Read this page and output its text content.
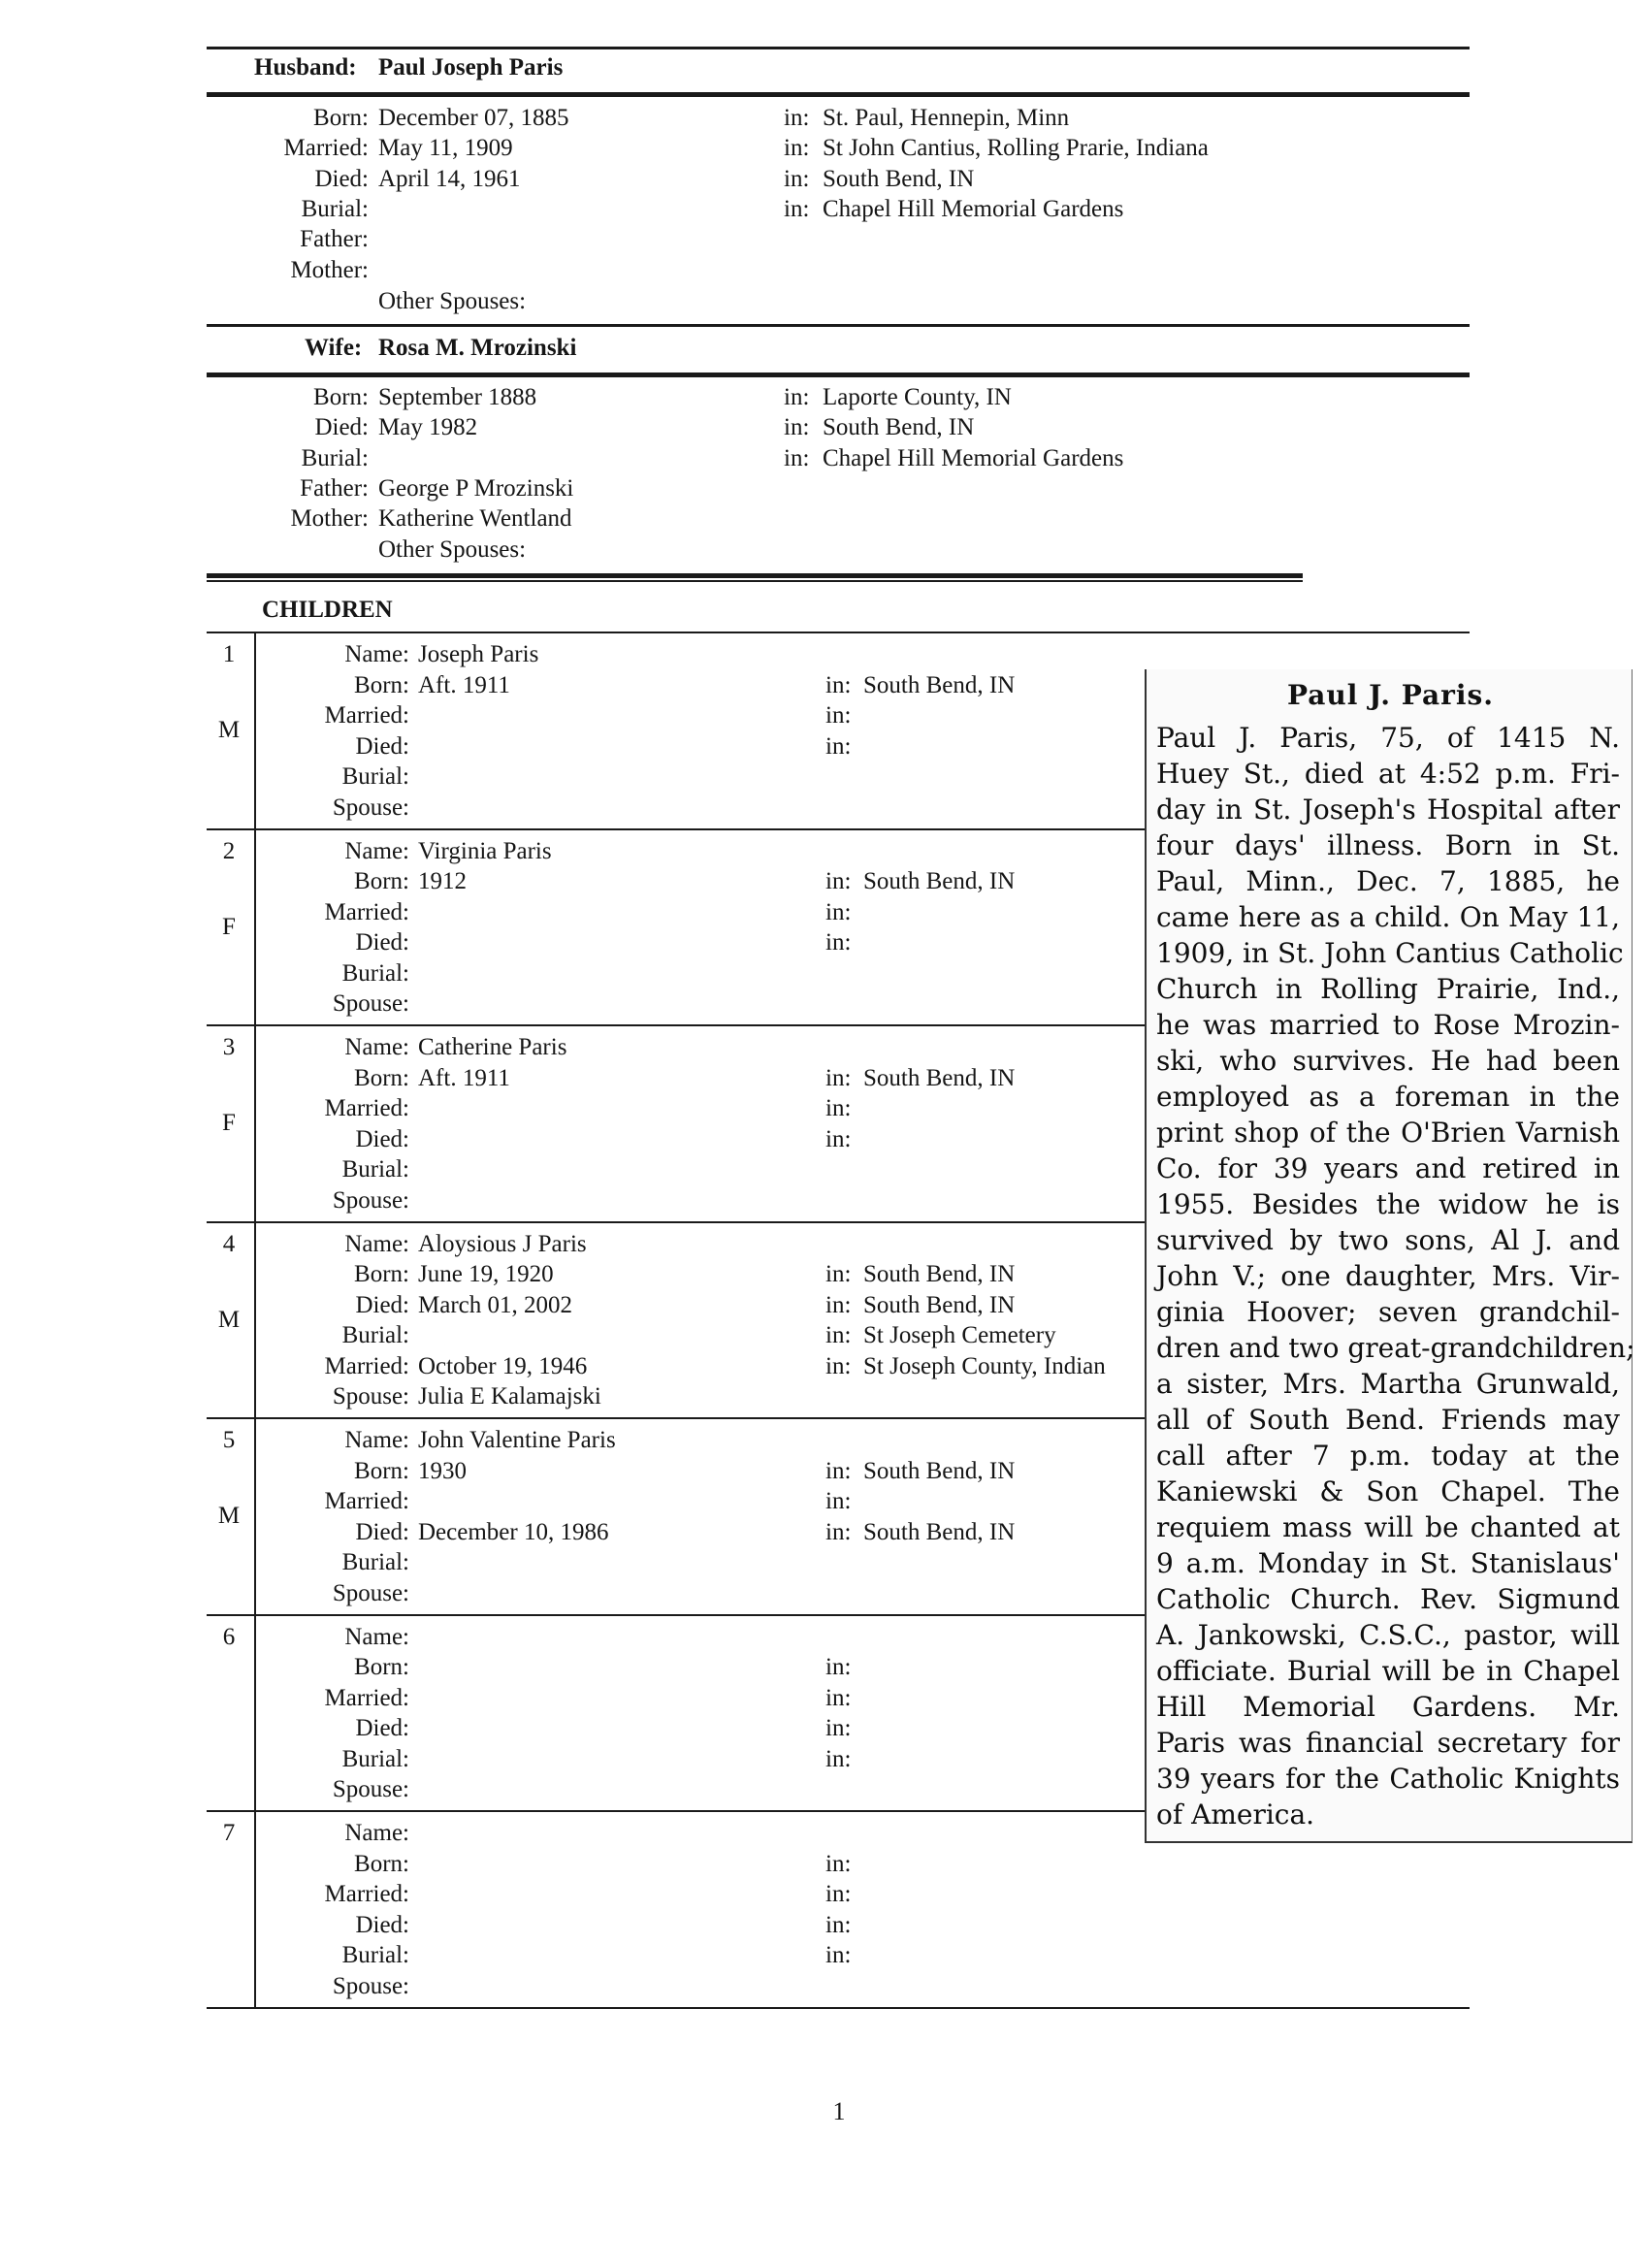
Husband: Paul Joseph Paris
Born: December 07, 1885	in: St. Paul, Hennepin, Minn
Married: May 11, 1909	in: St John Cantius, Rolling Prarie, Indiana
Died: April 14, 1961	in: South Bend, IN
Burial:	in: Chapel Hill Memorial Gardens
Father:
Mother:
Other Spouses:
Wife: Rosa M. Mrozinski
Born: September 1888	in: Laporte County, IN
Died: May 1982	in: South Bend, IN
Burial:	in: Chapel Hill Memorial Gardens
Father: George P Mrozinski
Mother: Katherine Wentland
Other Spouses:
CHILDREN
1
M
Name: Joseph Paris
Born: Aft. 1911	in: South Bend, IN
Married:	in:
Died:	in:
Burial:
Spouse:
2
F
Name: Virginia Paris
Born: 1912	in: South Bend, IN
Married:	in:
Died:	in:
Burial:
Spouse:
3
F
Name: Catherine Paris
Born: Aft. 1911	in: South Bend, IN
Married:	in:
Died:	in:
Burial:
Spouse:
4
M
Name: Aloysious J Paris
Born: June 19, 1920	in: South Bend, IN
Died: March 01, 2002	in: South Bend, IN
Burial:	in: St Joseph Cemetery
Married: October 19, 1946	in: St Joseph County, Indian
Spouse: Julia E Kalamajski
5
M
Name: John Valentine Paris
Born: 1930	in: South Bend, IN
Married:	in:
Died: December 10, 1986	in: South Bend, IN
Burial:
Spouse:
6	Name:
Born:	in:
Married:	in:
Died:	in:
Burial:	in:
Spouse:
7	Name:
Born:	in:
Married:	in:
Died:	in:
Burial:	in:
Spouse:
Paul J. Paris.
Paul J. Paris, 75, of 1415 N.
Huey St., died at 4:52 p.m. Fri-
day in St. Joseph's Hospital after
four days' illness. Born in St.
Paul, Minn., Dec. 7, 1885, he
came here as a child. On May 11,
1909, in St. John Cantius Catholic
Church in Rolling Prairie, Ind.,
he was married to Rose Mrozin-
ski, who survives. He had been
employed as a foreman in the
print shop of the O'Brien Varnish
Co. for 39 years and retired in
1955. Besides the widow he is
survived by two sons, Al J. and
John V.; one daughter, Mrs. Vir-
ginia Hoover; seven grandchil-
dren and two great-grandchildren;
a sister, Mrs. Martha Grunwald,
all of South Bend. Friends may
call after 7 p.m. today at the
Kaniewski & Son Chapel. The
requiem mass will be chanted at
9 a.m. Monday in St. Stanislaus'
Catholic Church. Rev. Sigmund
A. Jankowski, C.S.C., pastor, will
officiate. Burial will be in Chapel
Hill Memorial Gardens. Mr.
Paris was financial secretary for
39 years for the Catholic Knights
of America.
1
